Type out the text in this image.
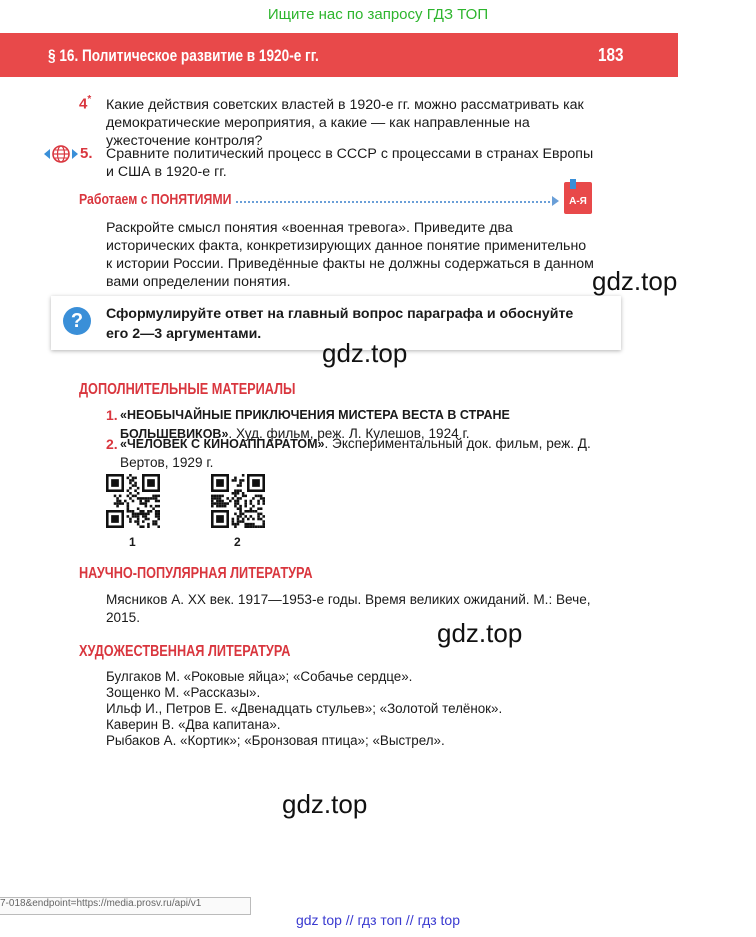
Ищите нас по запросу ГДЗ ТОП
§ 16. Политическое развитие в 1920-е гг.	183
4* Какие действия советских властей в 1920-е гг. можно рассматривать как демократические мероприятия, а какие — как направленные на ужесточение контроля?
5. Сравните политический процесс в СССР с процессами в странах Европы и США в 1920-е гг.
Работаем с ПОНЯТИЯМИ	А-Я
Раскройте смысл понятия «военная тревога». Приведите два исторических факта, конкретизирующих данное понятие применительно к истории России. Приведённые факты не должны содержаться в данном вами определении понятия.	gdz.top
?	Сформулируйте ответ на главный вопрос параграфа и обоснуйте его 2—3 аргументами.
gdz.top
ДОПОЛНИТЕЛЬНЫЕ МАТЕРИАЛЫ
1. «НЕОБЫЧАЙНЫЕ ПРИКЛЮЧЕНИЯ МИСТЕРА ВЕСТА В СТРАНЕ БОЛЬШЕВИКОВ». Худ. фильм, реж. Л. Кулешов, 1924 г.
2. «ЧЕЛОВЕК С КИНОАППАРАТОМ». Экспериментальный док. фильм, реж. Д. Вертов, 1929 г.
1	2
НАУЧНО-ПОПУЛЯРНАЯ ЛИТЕРАТУРА
Мясников А. XX век. 1917—1953-е годы. Время великих ожиданий. М.: Вече, 2015.
gdz.top
ХУДОЖЕСТВЕННАЯ ЛИТЕРАТУРА
Булгаков М. «Роковые яйца»; «Собачье сердце».
Зощенко М. «Рассказы».
Ильф И., Петров Е. «Двенадцать стульев»; «Золотой телёнок».
Каверин В. «Два капитана».
Рыбаков А. «Кортик»; «Бронзовая птица»; «Выстрел».
gdz.top
7-018&endpoint=https://media.prosv.ru/api/v1
gdz top // гдз топ // гдз top
